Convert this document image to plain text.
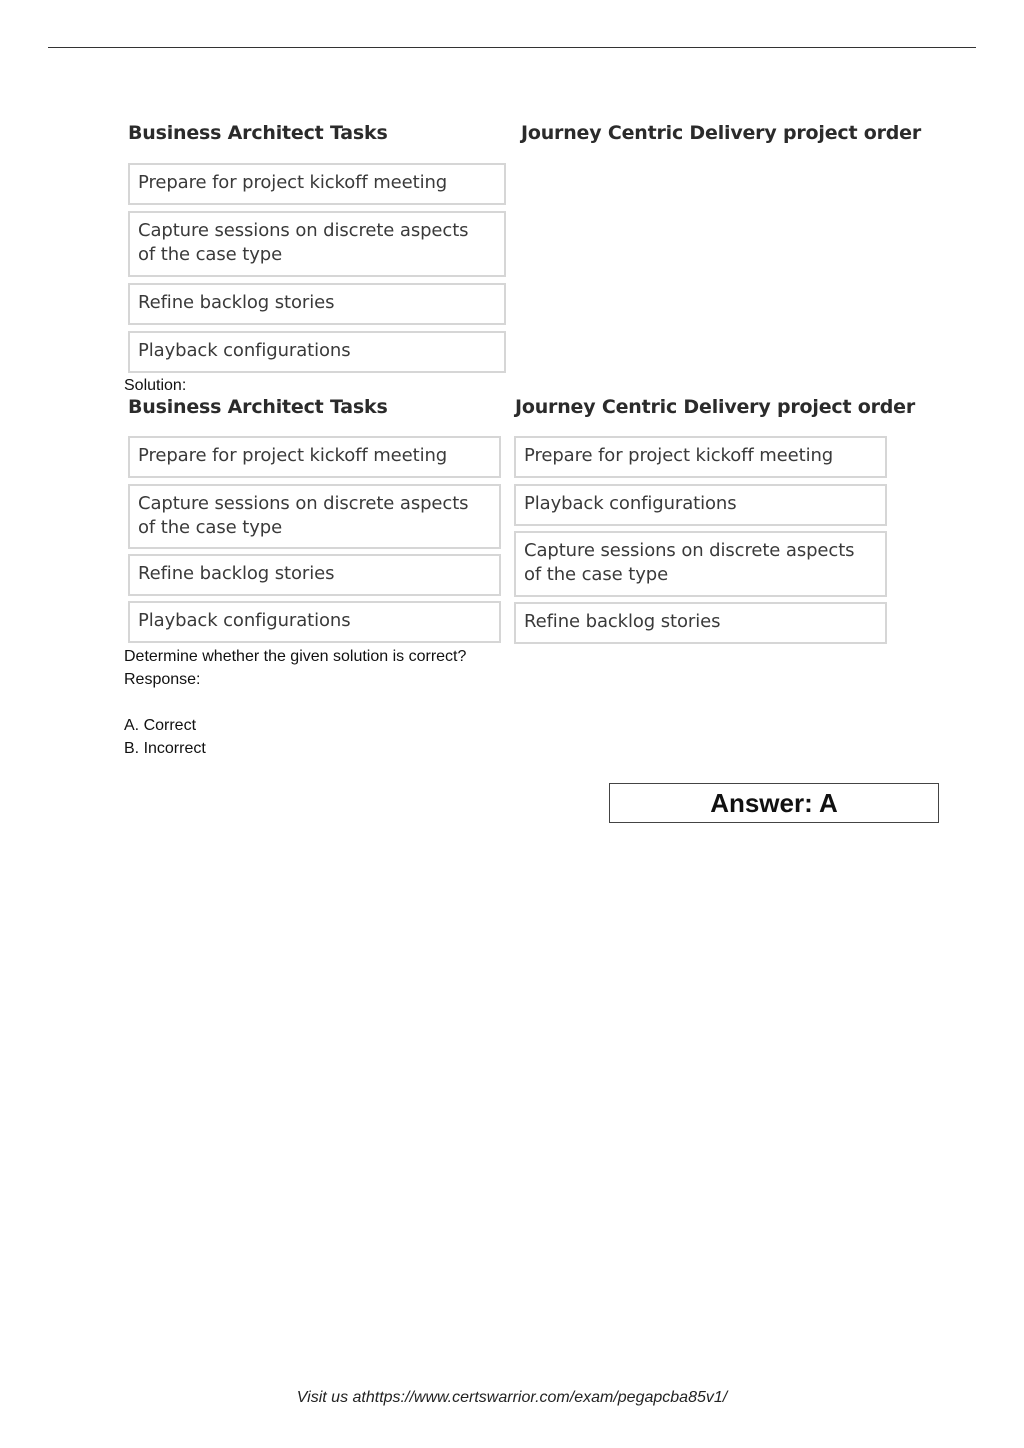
Business Architect Tasks	Journey Centric Delivery project order
Prepare for project kickoff meeting
Capture sessions on discrete aspects
of the case type
Refine backlog stories
Playback configurations
Solution:
Business Architect Tasks	Journey Centric Delivery project order
Prepare for project kickoff meeting
Capture sessions on discrete aspects
of the case type
Refine backlog stories
Playback configurations
Prepare for project kickoff meeting
Playback configurations
Capture sessions on discrete aspects
of the case type
Refine backlog stories
Determine whether the given solution is correct?
Response:
A. Correct
B. Incorrect
Answer: A
Visit us athttps://www.certswarrior.com/exam/pegapcba85v1/
